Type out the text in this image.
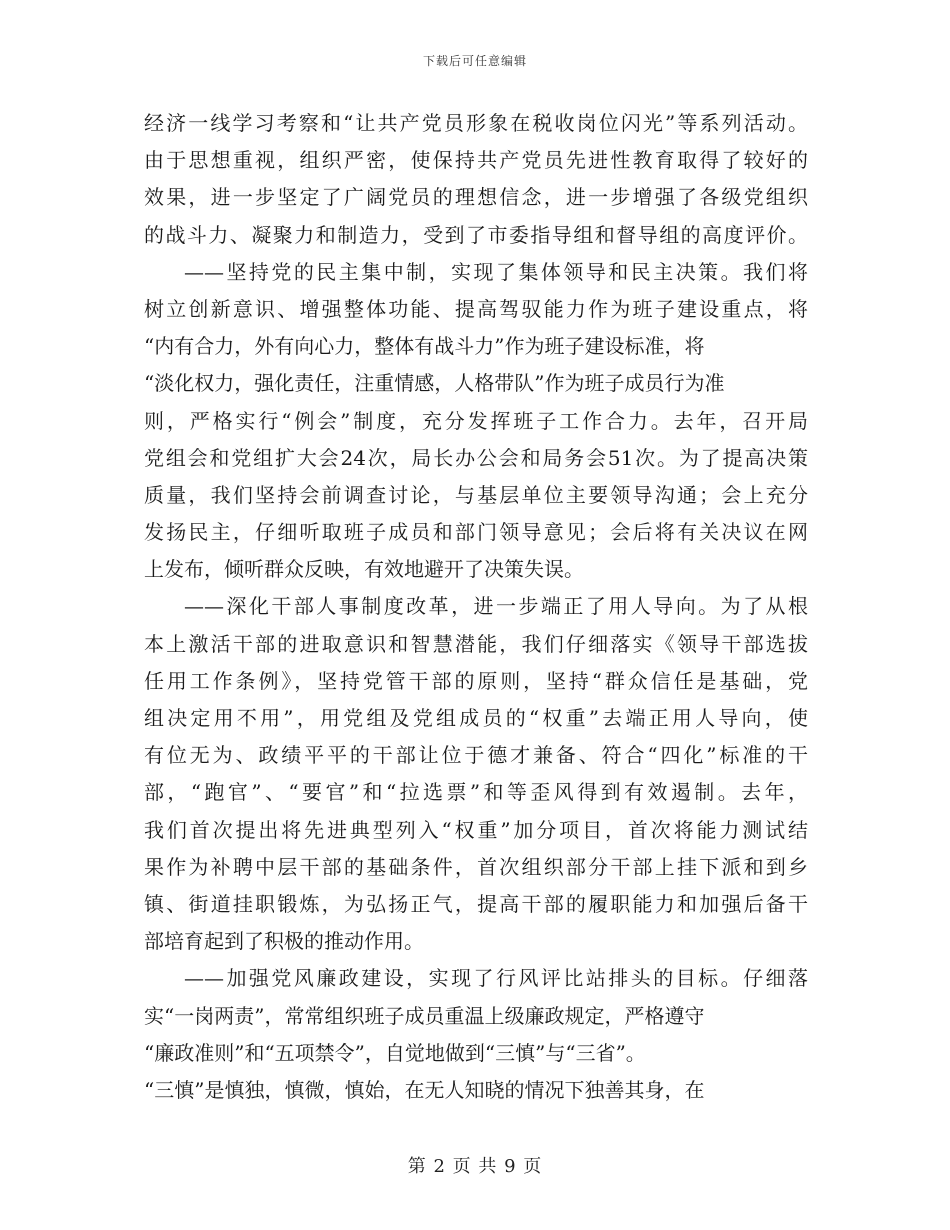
下载后可任意编辑
经济一线学习考察和“让共产党员形象在税收岗位闪光”等系列活动。
由于思想重视，组织严密，使保持共产党员先进性教育取得了较好的
效果，进一步坚定了广阔党员的理想信念，进一步增强了各级党组织
的战斗力、凝聚力和制造力，受到了市委指导组和督导组的高度评价。
——坚持党的民主集中制，实现了集体领导和民主决策。我们将
树立创新意识、增强整体功能、提高驾驭能力作为班子建设重点，将
“内有合力，外有向心力，整体有战斗力”作为班子建设标准，将
“淡化权力，强化责任，注重情感，人格带队”作为班子成员行为准
则，严格实行“例会”制度，充分发挥班子工作合力。去年，召开局
党组会和党组扩大会24次，局长办公会和局务会51次。为了提高决策
质量，我们坚持会前调查讨论，与基层单位主要领导沟通；会上充分
发扬民主，仔细听取班子成员和部门领导意见；会后将有关决议在网
上发布，倾听群众反映，有效地避开了决策失误。
——深化干部人事制度改革，进一步端正了用人导向。为了从根
本上激活干部的进取意识和智慧潜能，我们仔细落实《领导干部选拔
任用工作条例》，坚持党管干部的原则，坚持“群众信任是基础，党
组决定用不用”，用党组及党组成员的“权重”去端正用人导向，使
有位无为、政绩平平的干部让位于德才兼备、符合“四化”标准的干
部，“跑官”、“要官”和“拉选票”和等歪风得到有效遏制。去年，
我们首次提出将先进典型列入“权重”加分项目，首次将能力测试结
果作为补聘中层干部的基础条件，首次组织部分干部上挂下派和到乡
镇、街道挂职锻炼，为弘扬正气，提高干部的履职能力和加强后备干
部培育起到了积极的推动作用。
——加强党风廉政建设，实现了行风评比站排头的目标。仔细落
实“一岗两责”，常常组织班子成员重温上级廉政规定，严格遵守
“廉政准则”和“五项禁令”，自觉地做到“三慎”与“三省”。
“三慎”是慎独，慎微，慎始，在无人知晓的情况下独善其身，在
第 2 页 共 9 页
